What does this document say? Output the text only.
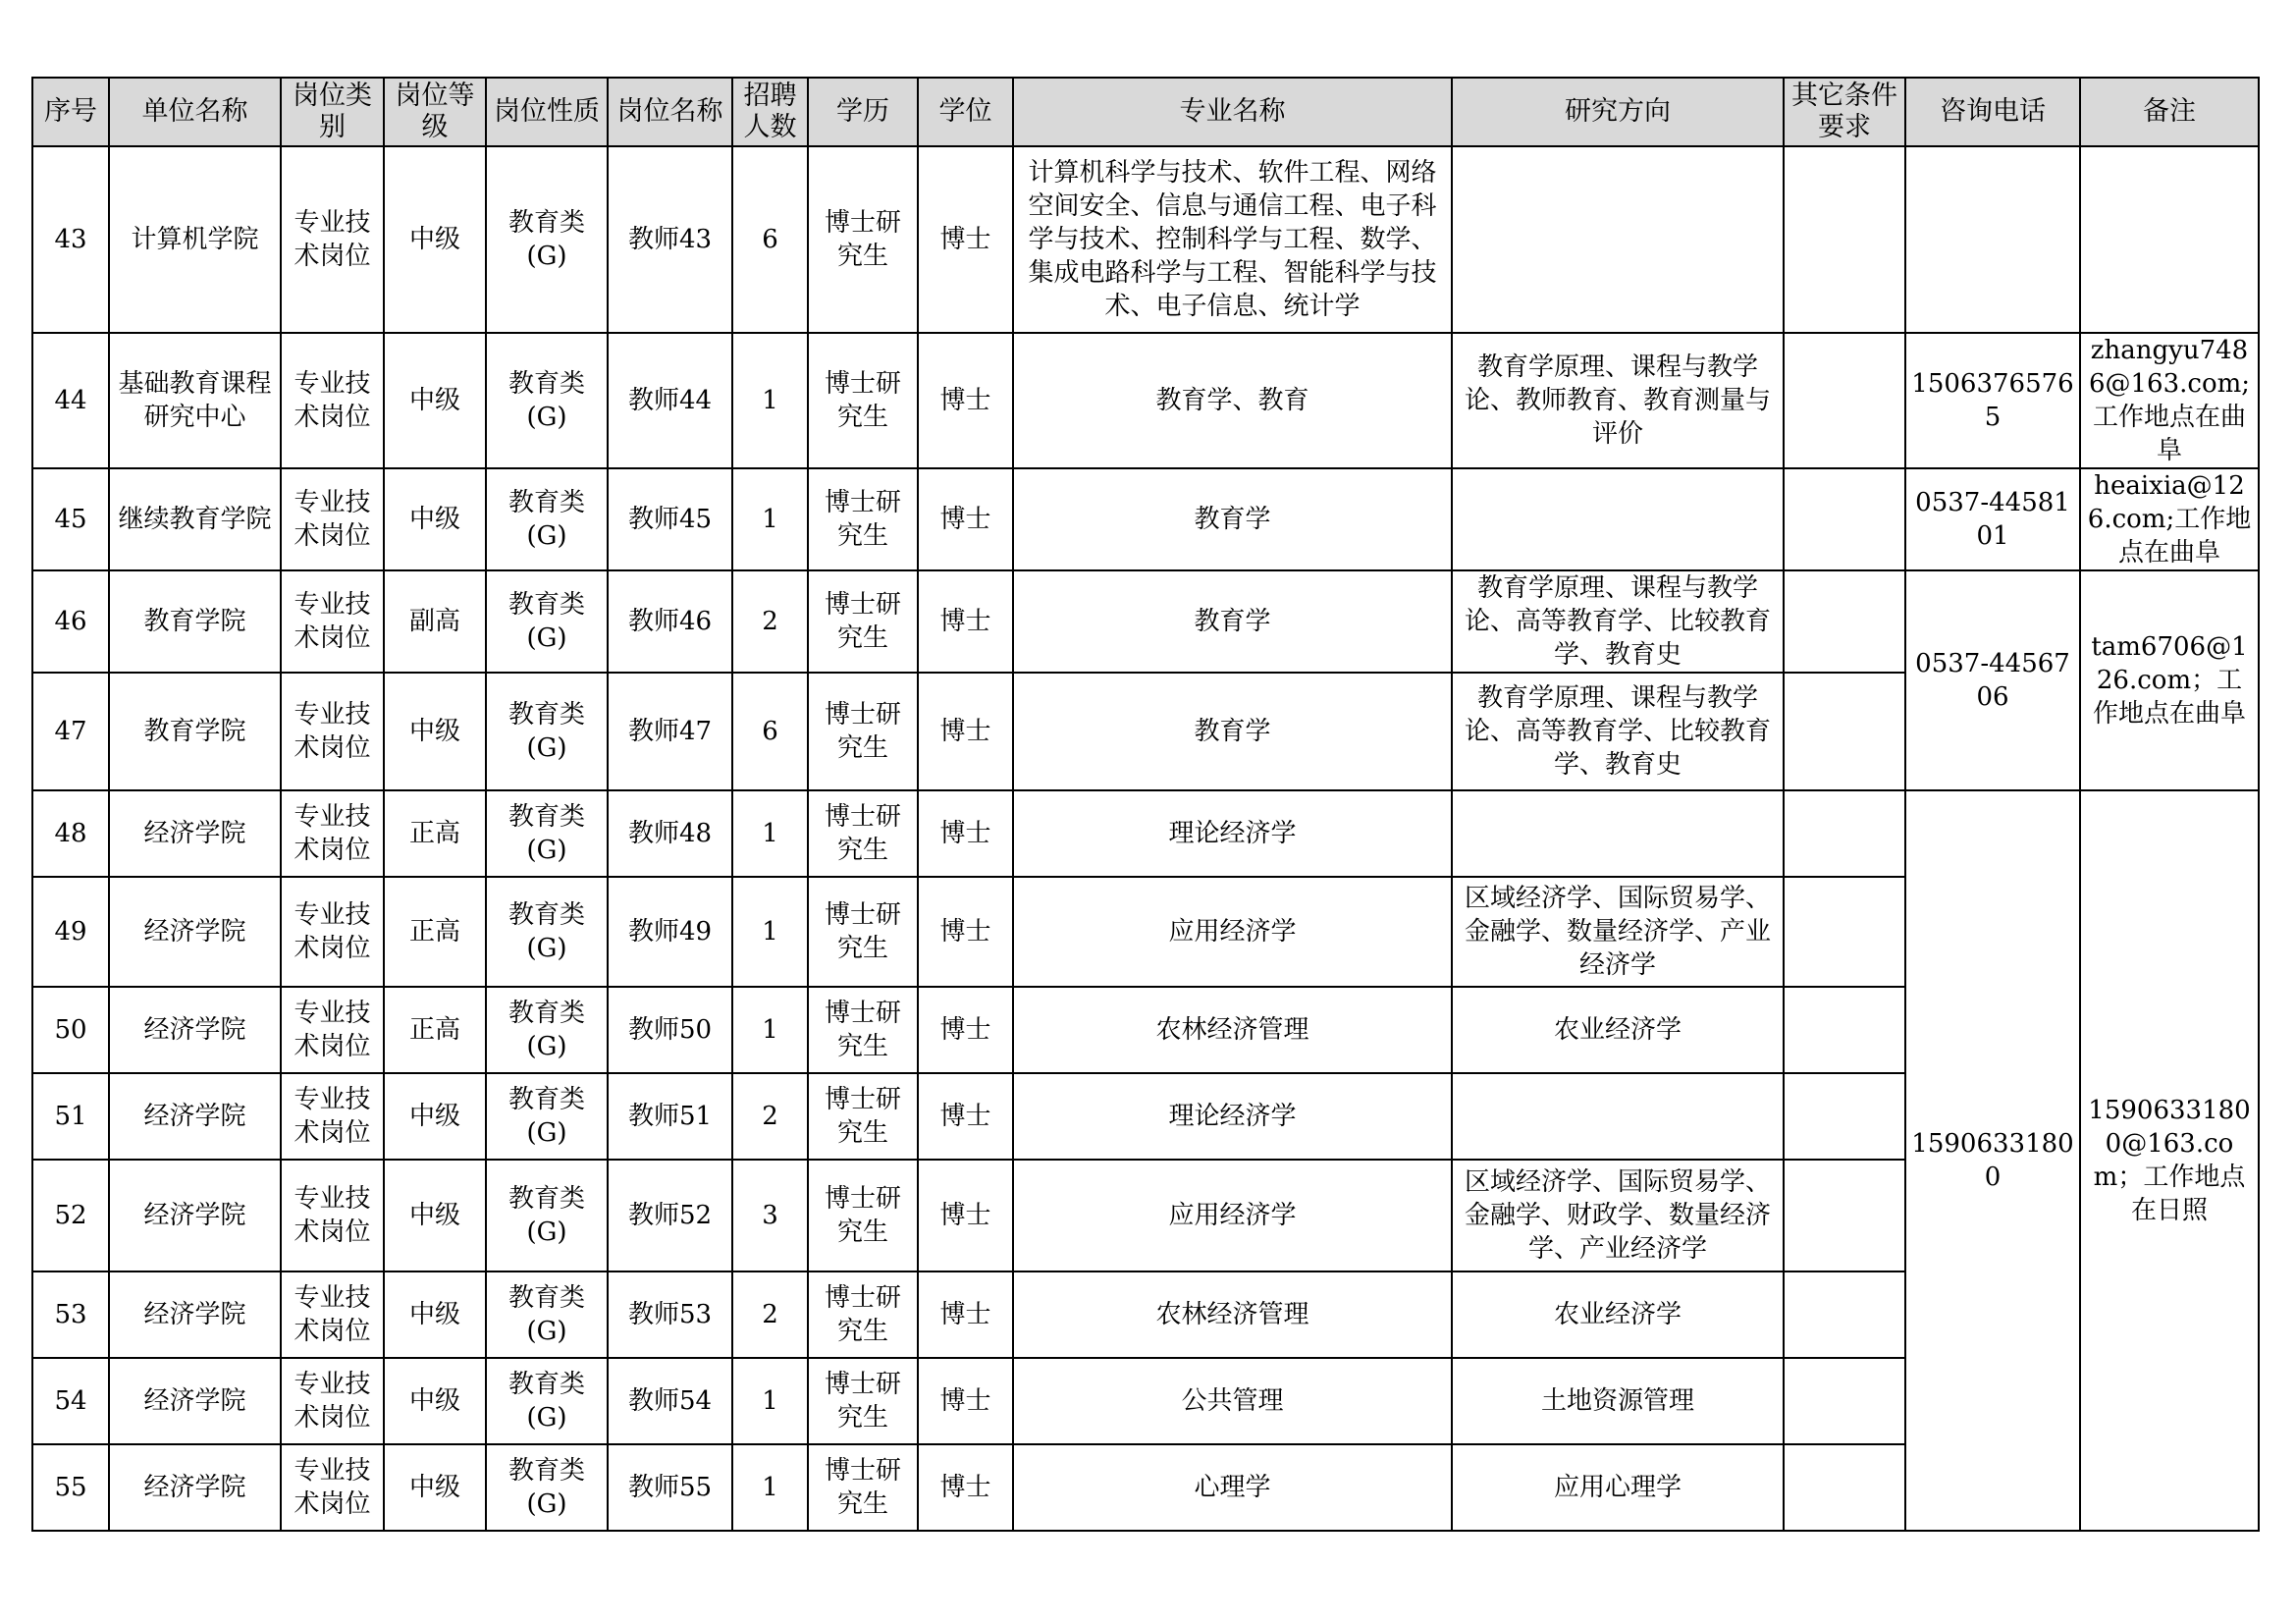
序号	单位名称	岗位类别	岗位等级	岗位性质	岗位名称	招聘人数	学历	学位	专业名称	研究方向	其它条件要求	咨询电话	备注
43	计算机学院	专业技术岗位	中级	教育类(G)	教师43	6	博士研究生	博士	计算机科学与技术、软件工程、网络空间安全、信息与通信工程、电子科学与技术、控制科学与工程、数学、集成电路科学与工程、智能科学与技术、电子信息、统计学				
44	基础教育课程研究中心	专业技术岗位	中级	教育类(G)	教师44	1	博士研究生	博士	教育学、教育	教育学原理、课程与教学论、教师教育、教育测量与评价		15063765765	zhangyu7486@163.com;工作地点在曲阜
45	继续教育学院	专业技术岗位	中级	教育类(G)	教师45	1	博士研究生	博士	教育学			0537-4458101	heaixia@126.com;工作地点在曲阜
46	教育学院	专业技术岗位	副高	教育类(G)	教师46	2	博士研究生	博士	教育学	教育学原理、课程与教学论、高等教育学、比较教育学、教育史		0537-4456706	tam6706@126.com；工作地点在曲阜
47	教育学院	专业技术岗位	中级	教育类(G)	教师47	6	博士研究生	博士	教育学	教育学原理、课程与教学论、高等教育学、比较教育学、教育史			
48	经济学院	专业技术岗位	正高	教育类(G)	教师48	1	博士研究生	博士	理论经济学			15906331800	15906331800@163.com；工作地点在日照
49	经济学院	专业技术岗位	正高	教育类(G)	教师49	1	博士研究生	博士	应用经济学	区域经济学、国际贸易学、金融学、数量经济学、产业经济学			
50	经济学院	专业技术岗位	正高	教育类(G)	教师50	1	博士研究生	博士	农林经济管理	农业经济学			
51	经济学院	专业技术岗位	中级	教育类(G)	教师51	2	博士研究生	博士	理论经济学				
52	经济学院	专业技术岗位	中级	教育类(G)	教师52	3	博士研究生	博士	应用经济学	区域经济学、国际贸易学、金融学、财政学、数量经济学、产业经济学			
53	经济学院	专业技术岗位	中级	教育类(G)	教师53	2	博士研究生	博士	农林经济管理	农业经济学			
54	经济学院	专业技术岗位	中级	教育类(G)	教师54	1	博士研究生	博士	公共管理	土地资源管理			
55	经济学院	专业技术岗位	中级	教育类(G)	教师55	1	博士研究生	博士	心理学	应用心理学			
